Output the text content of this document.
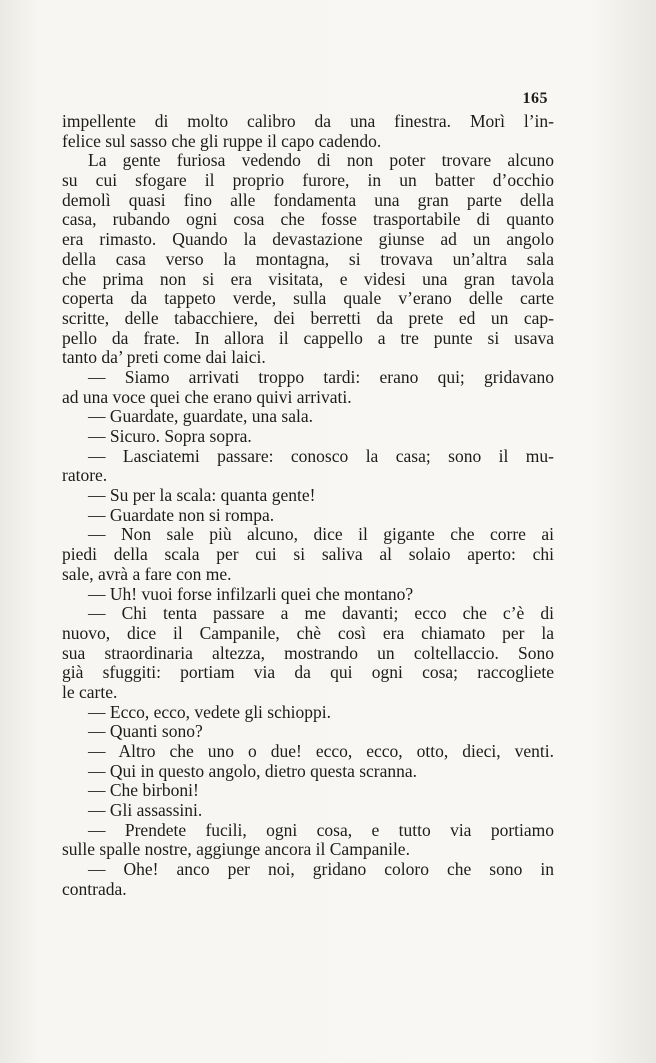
165
impellente di molto calibro da una finestra. Morì l’in-
felice sul sasso che gli ruppe il capo cadendo.
La gente furiosa vedendo di non poter trovare alcuno
su cui sfogare il proprio furore, in un batter d’occhio
demolì quasi fino alle fondamenta una gran parte della
casa, rubando ogni cosa che fosse trasportabile di quanto
era rimasto. Quando la devastazione giunse ad un angolo
della casa verso la montagna, si trovava un’altra sala
che prima non si era visitata, e videsi una gran tavola
coperta da tappeto verde, sulla quale v’erano delle carte
scritte, delle tabacchiere, dei berretti da prete ed un cap-
pello da frate. In allora il cappello a tre punte si usava
tanto da’ preti come dai laici.
— Siamo arrivati troppo tardi: erano qui; gridavano
ad una voce quei che erano quivi arrivati.
— Guardate, guardate, una sala.
— Sicuro. Sopra sopra.
— Lasciatemi passare: conosco la casa; sono il mu-
ratore.
— Su per la scala: quanta gente!
— Guardate non si rompa.
— Non sale più alcuno, dice il gigante che corre ai
piedi della scala per cui si saliva al solaio aperto: chi
sale, avrà a fare con me.
— Uh! vuoi forse infilzarli quei che montano?
— Chi tenta passare a me davanti; ecco che c’è di
nuovo, dice il Campanile, chè così era chiamato per la
sua straordinaria altezza, mostrando un coltellaccio. Sono
già sfuggiti: portiam via da qui ogni cosa; raccogliete
le carte.
— Ecco, ecco, vedete gli schioppi.
— Quanti sono?
— Altro che uno o due! ecco, ecco, otto, dieci, venti.
— Qui in questo angolo, dietro questa scranna.
— Che birboni!
— Gli assassini.
— Prendete fucili, ogni cosa, e tutto via portiamo
sulle spalle nostre, aggiunge ancora il Campanile.
— Ohe! anco per noi, gridano coloro che sono in
contrada.
